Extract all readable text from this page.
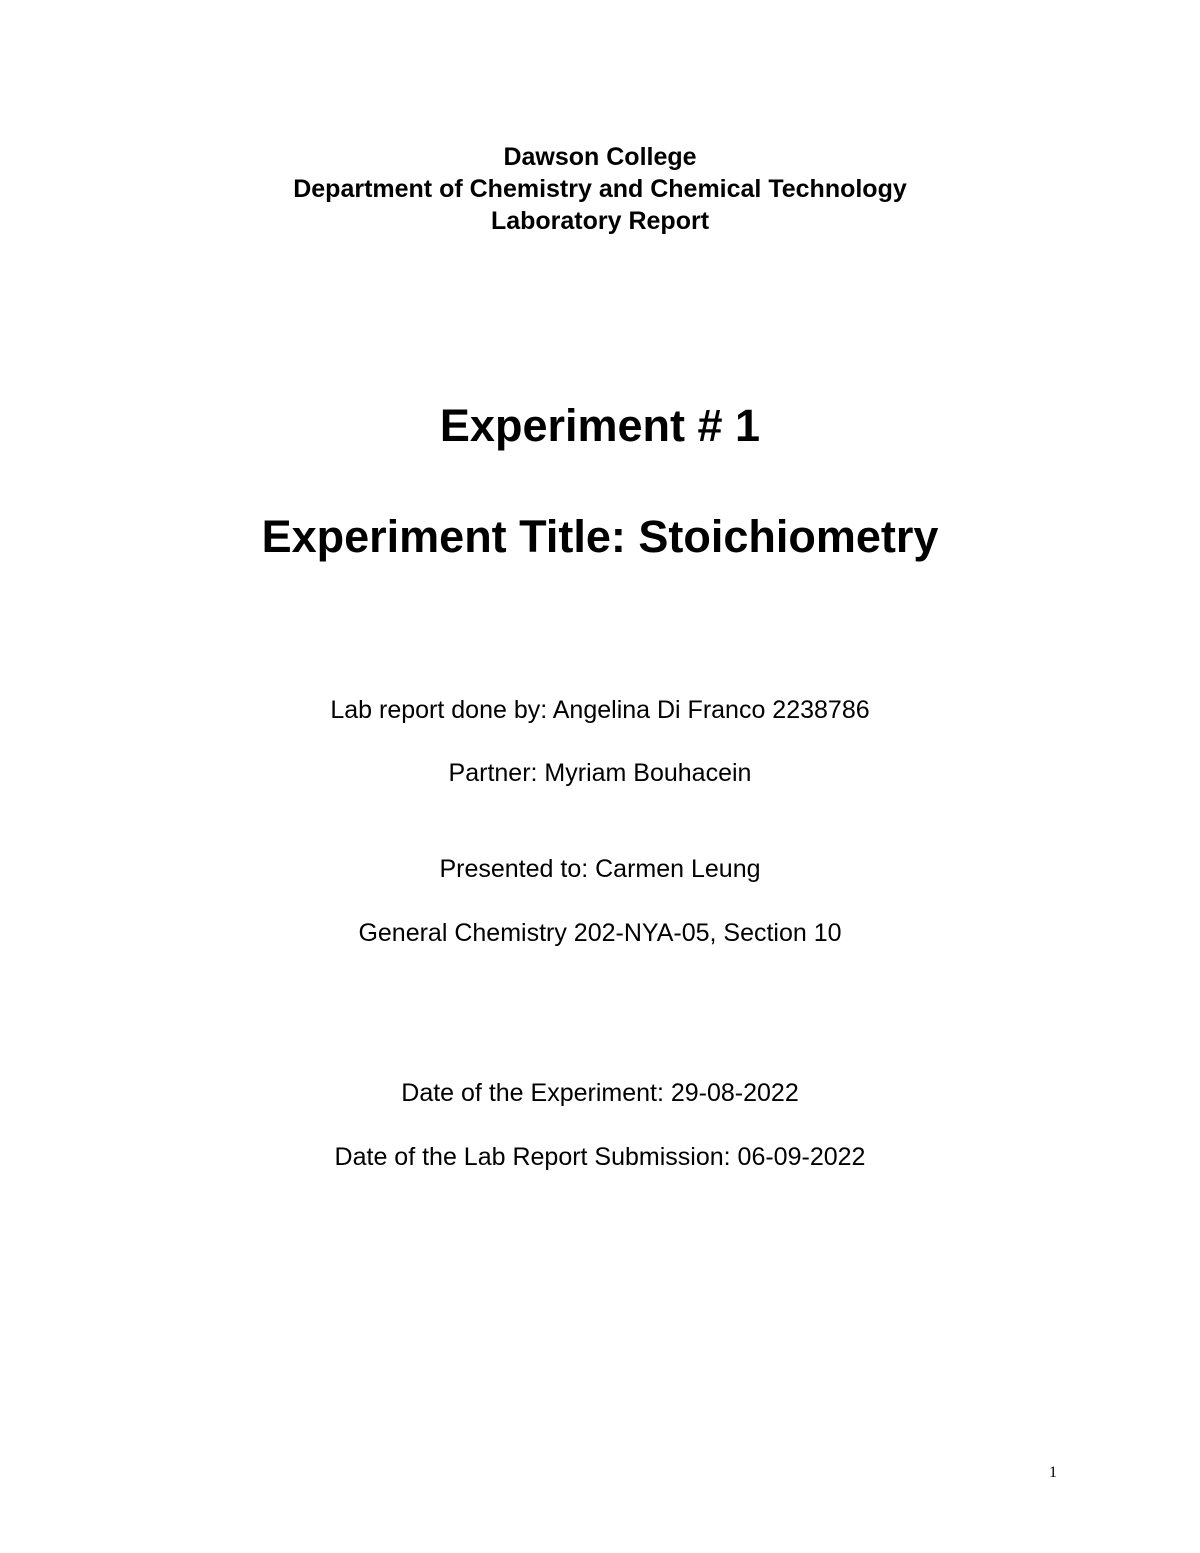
Dawson College
Department of Chemistry and Chemical Technology
Laboratory Report
Experiment # 1
Experiment Title: Stoichiometry
Lab report done by: Angelina Di Franco 2238786
Partner: Myriam Bouhacein
Presented to: Carmen Leung
General Chemistry 202-NYA-05, Section 10
Date of the Experiment: 29-08-2022
Date of the Lab Report Submission: 06-09-2022
1
